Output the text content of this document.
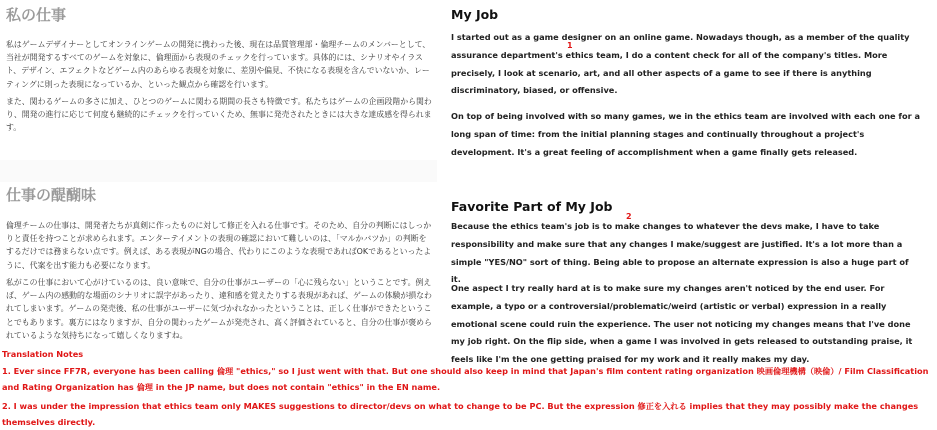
私の仕事

私はゲームデザイナーとしてオンラインゲームの開発に携わった後、現在は品質管理部・倫理チームのメンバーとして、当社が開発するすべてのゲームを対象に、倫理面から表現のチェックを行っています。具体的には、シナリオやイラスト、デザイン、エフェクトなどゲーム内のあらゆる表現を対象に、差別や偏見、不快になる表現を含んでいないか、レーティングに則った表現になっているか、といった観点から確認を行います。

また、関わるゲームの多さに加え、ひとつのゲームに関わる期間の長さも特徴です。私たちはゲームの企画段階から関わり、開発の進行に応じて何度も継続的にチェックを行っていくため、無事に発売されたときには大きな達成感を得られます。

仕事の醍醐味

倫理チームの仕事は、開発者たちが真剣に作ったものに対して修正を入れる仕事です。そのため、自分の判断にはしっかりと責任を持つことが求められます。エンターテイメントの表現の確認において難しいのは、「マルかバツか」の判断をするだけでは務まらない点です。例えば、ある表現がNGの場合、代わりにこのような表現であればOKであるといったように、代案を出す能力も必要になります。

私がこの仕事において心がけているのは、良い意味で、自分の仕事がユーザーの「心に残らない」ということです。例えば、ゲーム内の感動的な場面のシナリオに誤字があったり、違和感を覚えたりする表現があれば、ゲームの体験が損なわれてしまいます。ゲームの発売後、私の仕事がユーザーに気づかれなかったということは、正しく仕事ができたということでもあります。裏方にはなりますが、自分の関わったゲームが発売され、高く評価されていると、自分の仕事が褒められているような気持ちになって嬉しくなりますね。

My Job

I started out as a game designer on an online game. Nowadays though, as a member of the quality assurance department's ethics team, I do a content check for all of the company's titles. More precisely, I look at scenario, art, and all other aspects of a game to see if there is anything discriminatory, biased, or offensive.

1

On top of being involved with so many games, we in the ethics team are involved with each one for a long span of time: from the initial planning stages and continually throughout a project's development. It's a great feeling of accomplishment when a game finally gets released.

Favorite Part of My Job
2

Because the ethics team's job is to make changes to whatever the devs make, I have to take responsibility and make sure that any changes I make/suggest are justified. It's a lot more than a simple "YES/NO" sort of thing. Being able to propose an alternate expression is also a huge part of it.

One aspect I try really hard at is to make sure my changes aren't noticed by the end user. For example, a typo or a controversial/problematic/weird (artistic or verbal) expression in a really emotional scene could ruin the experience. The user not noticing my changes means that I've done my job right. On the flip side, when a game I was involved in gets released to outstanding praise, it feels like I'm the one getting praised for my work and it really makes my day.

Translation Notes

1. Ever since FF7R, everyone has been calling 倫理 "ethics," so I just went with that. But one should also keep in mind that Japan's film content rating organization 映画倫理機構（映倫）/ Film Classification and Rating Organization has 倫理 in the JP name, but does not contain "ethics" in the EN name.

2. I was under the impression that ethics team only MAKES suggestions to director/devs on what to change to be PC. But the expression 修正を入れる implies that they may possibly make the changes themselves directly.
